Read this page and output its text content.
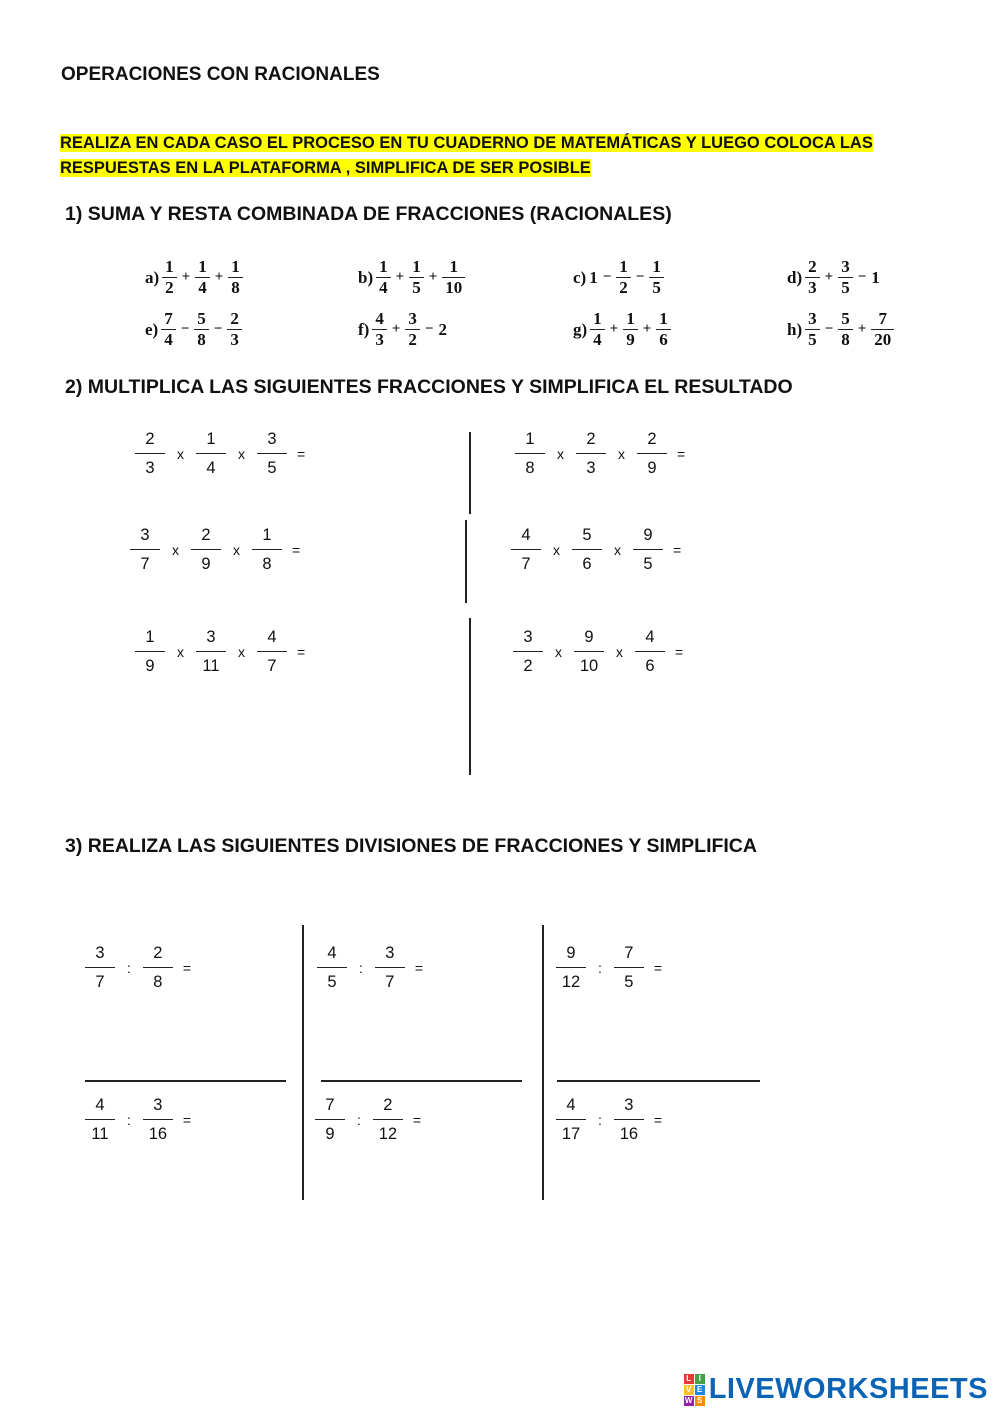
OPERACIONES CON RACIONALES
REALIZA EN CADA CASO EL PROCESO EN TU CUADERNO DE MATEMÁTICAS Y LUEGO COLOCA LAS
RESPUESTAS EN LA PLATAFORMA , SIMPLIFICA DE SER POSIBLE
1) SUMA Y RESTA COMBINADA DE FRACCIONES (RACIONALES)
a)
1
2
+
1
4
+
1
8
b)
1
4
+
1
5
+
1
10
c) 1 −
1
2
−
1
5
d)
2
3
+
3
5
− 1
e)
7
4
−
5
8
−
2
3
f)
4
3
+
3
2
− 2	g)
1
4
+
1
9
+
1
6
h)
3
5
−
5
8
+
7
20
2) MULTIPLICA LAS SIGUIENTES FRACCIONES Y SIMPLIFICA EL RESULTADO
2
3
x
1
4
x
3
5
=
1
8
x
2
3
x
2
9
=
3
7
x
2
9
x
1
8
=
4
7
x
5
6
x
9
5
=
1
9
x
3
11
x
4
7
=
3
2
x
9
10
x
4
6
=
3) REALIZA LAS SIGUIENTES DIVISIONES DE FRACCIONES Y SIMPLIFICA
3
7
:
2
8
=
4
5
:
3
7
=
9
12
:
7
5
=
4
11
:
3
16
=
7
9
:
2
12
=
4
17
:
3
16
=
L I
V E
W S LIVEWORKSHEETS
